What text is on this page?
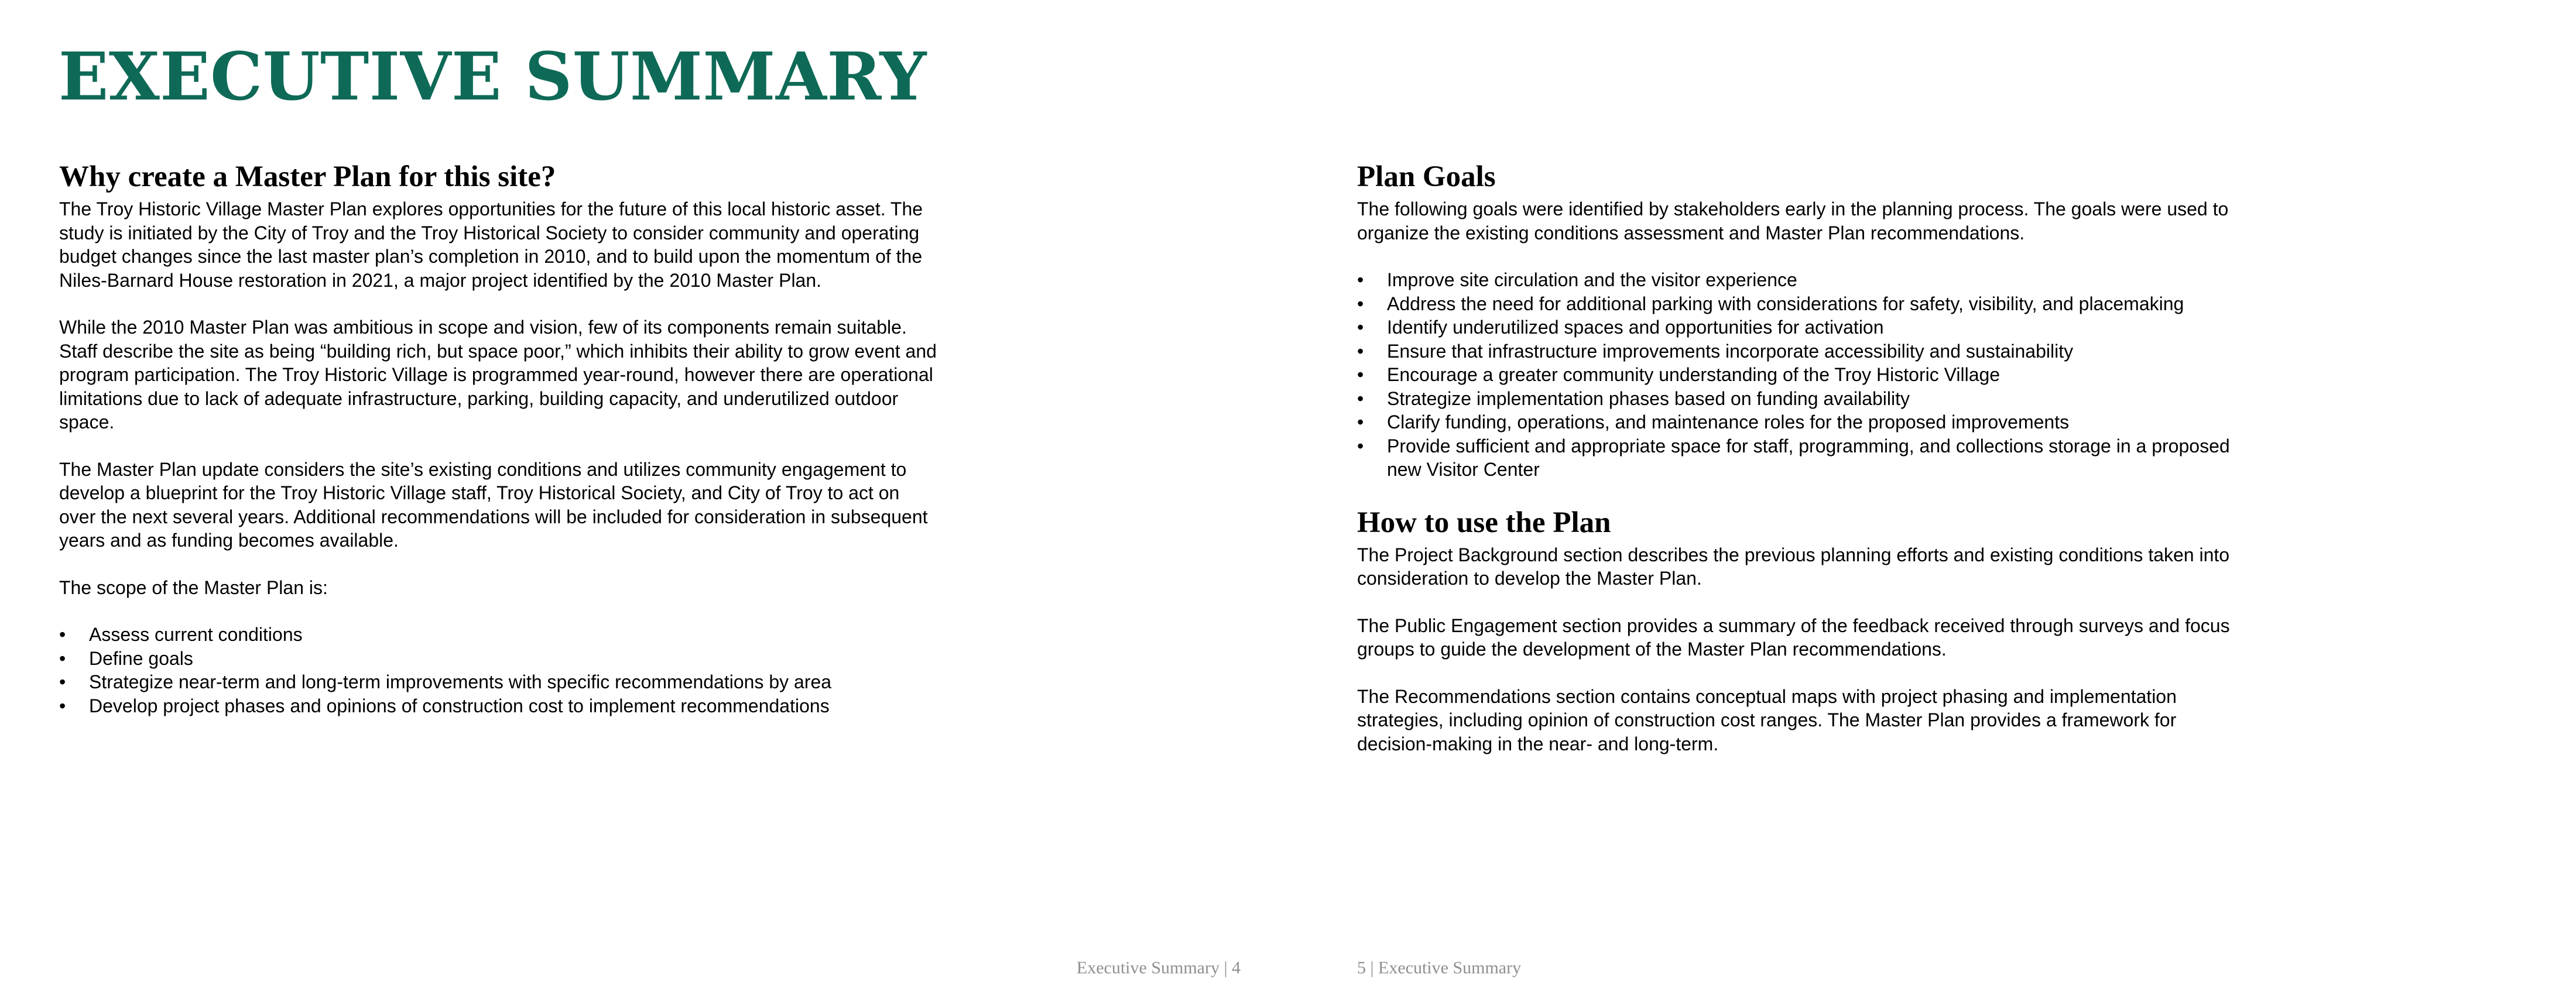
EXECUTIVE SUMMARY
Why create a Master Plan for this site?

The Troy Historic Village Master Plan explores opportunities for the future of this local historic asset. The study is initiated by the City of Troy and the Troy Historical Society to consider community and operating budget changes since the last master plan’s completion in 2010, and to build upon the momentum of the Niles-Barnard House restoration in 2021, a major project identified by the 2010 Master Plan.

While the 2010 Master Plan was ambitious in scope and vision, few of its components remain suitable. Staff describe the site as being “building rich, but space poor,” which inhibits their ability to grow event and program participation. The Troy Historic Village is programmed year-round, however there are operational limitations due to lack of adequate infrastructure, parking, building capacity, and underutilized outdoor space.

The Master Plan update considers the site’s existing conditions and utilizes community engagement to develop a blueprint for the Troy Historic Village staff, Troy Historical Society, and City of Troy to act on over the next several years. Additional recommendations will be included for consideration in subsequent years and as funding becomes available.

The scope of the Master Plan is:

• Assess current conditions
• Define goals
• Strategize near-term and long-term improvements with specific recommendations by area
• Develop project phases and opinions of construction cost to implement recommendations
Plan Goals

The following goals were identified by stakeholders early in the planning process. The goals were used to organize the existing conditions assessment and Master Plan recommendations.

• Improve site circulation and the visitor experience
• Address the need for additional parking with considerations for safety, visibility, and placemaking
• Identify underutilized spaces and opportunities for activation
• Ensure that infrastructure improvements incorporate accessibility and sustainability
• Encourage a greater community understanding of the Troy Historic Village
• Strategize implementation phases based on funding availability
• Clarify funding, operations, and maintenance roles for the proposed improvements
• Provide sufficient and appropriate space for staff, programming, and collections storage in a proposed new Visitor Center
How to use the Plan

The Project Background section describes the previous planning efforts and existing conditions taken into consideration to develop the Master Plan.

The Public Engagement section provides a summary of the feedback received through surveys and focus groups to guide the development of the Master Plan recommendations.

The Recommendations section contains conceptual maps with project phasing and implementation strategies, including opinion of construction cost ranges. The Master Plan provides a framework for decision-making in the near- and long-term.

Executive Summary | 4	5 | Executive Summary
